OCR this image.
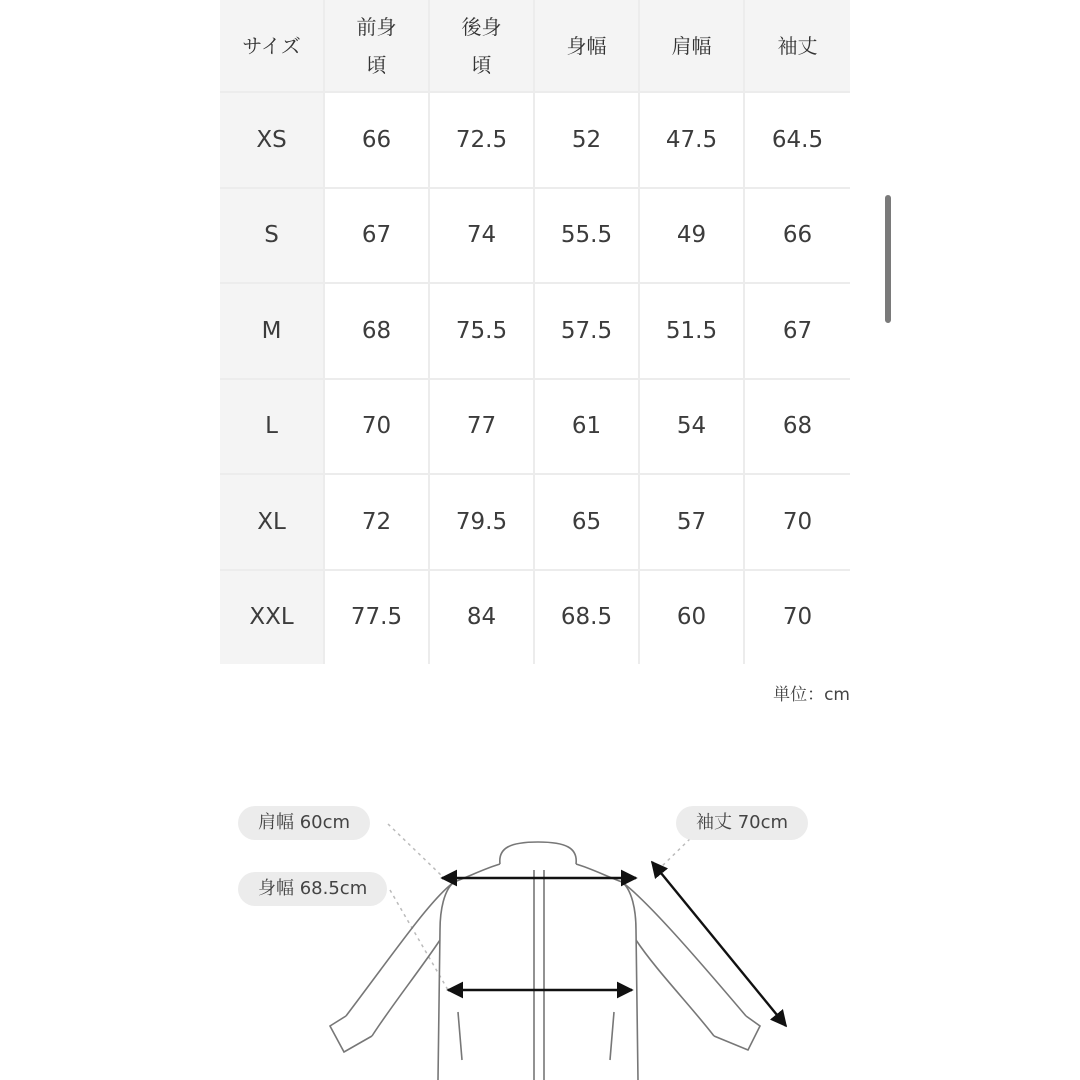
サイズ	前身頃	後身頃	身幅	肩幅	袖丈
XS	66	72.5	52	47.5	64.5
S	67	74	55.5	49	66
M	68	75.5	57.5	51.5	67
L	70	77	61	54	68
XL	72	79.5	65	57	70
XXL	77.5	84	68.5	60	70
単位：cm
肩幅 60cm
身幅 68.5cm
袖丈 70cm
